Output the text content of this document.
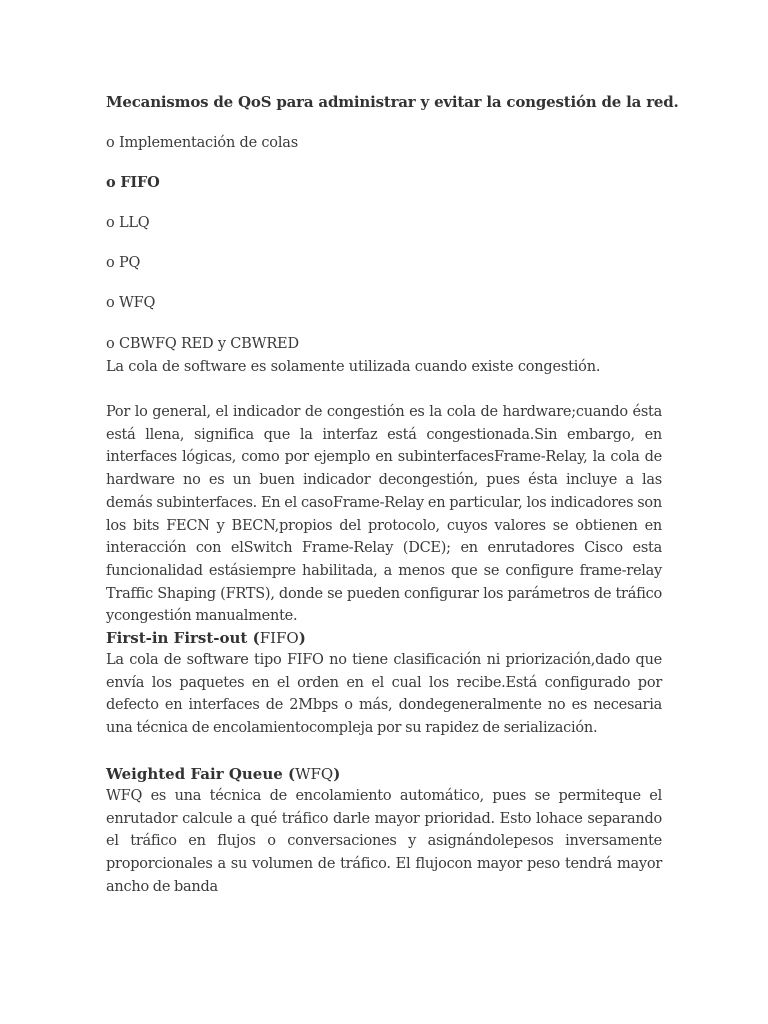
Mecanismos de QoS para administrar y evitar la congestión de la red.
o Implementación de colas
o FIFO
o LLQ
o PQ
o WFQ
o CBWFQ RED y CBWRED
La cola de software es solamente utilizada cuando existe congestión.
Por lo general, el indicador de congestión es la cola de hardware;cuando ésta está llena, significa que la interfaz está congestionada.Sin embargo, en interfaces lógicas, como por ejemplo en subinterfacesFrame-Relay, la cola de hardware no es un buen indicador decongestión, pues ésta incluye a las demás subinterfaces. En el casoFrame-Relay en particular, los indicadores son los bits FECN y BECN,propios del protocolo, cuyos valores se obtienen en interacción con elSwitch Frame-Relay (DCE); en enrutadores Cisco esta funcionalidad estásiempre habilitada, a menos que se configure frame-relay Traffic Shaping (FRTS), donde se pueden configurar los parámetros de tráfico ycongestión manualmente.
First-in First-out (FIFO)
La cola de software tipo FIFO no tiene clasificación ni priorización,dado que envía los paquetes en el orden en el cual los recibe.Está configurado por defecto en interfaces de 2Mbps o más, dondegeneralmente no es necesaria una técnica de encolamientocompleja por su rapidez de serialización.
Weighted Fair Queue (WFQ)
WFQ es una técnica de encolamiento automático, pues se permiteque el enrutador calcule a qué tráfico darle mayor prioridad. Esto lohace separando el tráfico en flujos o conversaciones y asignándolepesos inversamente proporcionales a su volumen de tráfico. El flujocon mayor peso tendrá mayor ancho de banda
